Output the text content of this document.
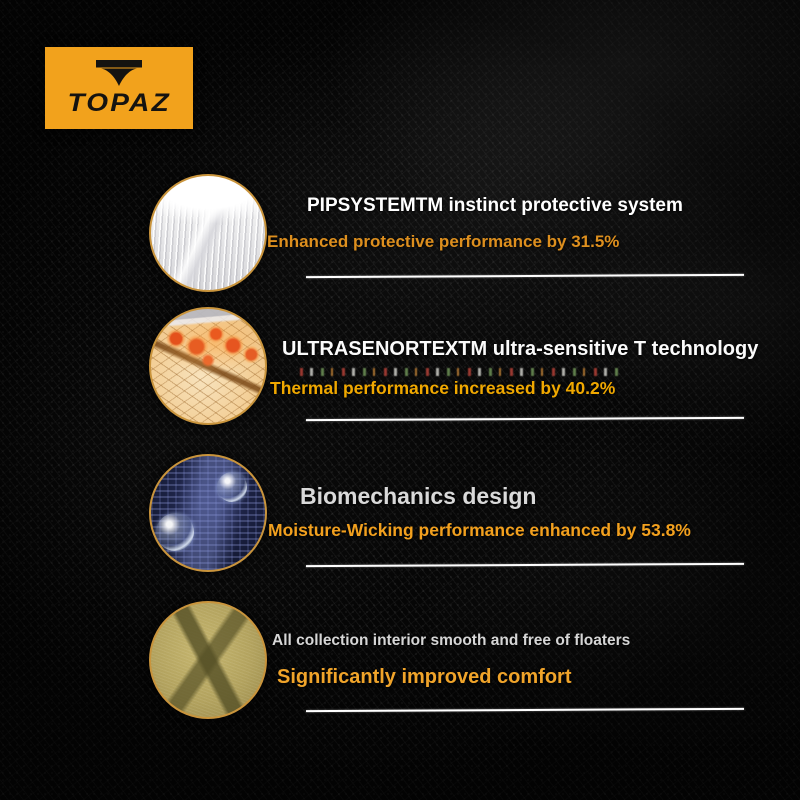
TOPAZ
PIPSYSTEMTM instinct protective system
Enhanced protective performance by 31.5%
ULTRASENORTEXTM ultra-sensitive T technology
Thermal performance increased by 40.2%
Biomechanics design
Moisture-Wicking performance enhanced by 53.8%
All collection interior smooth and free of floaters
Significantly improved comfort
